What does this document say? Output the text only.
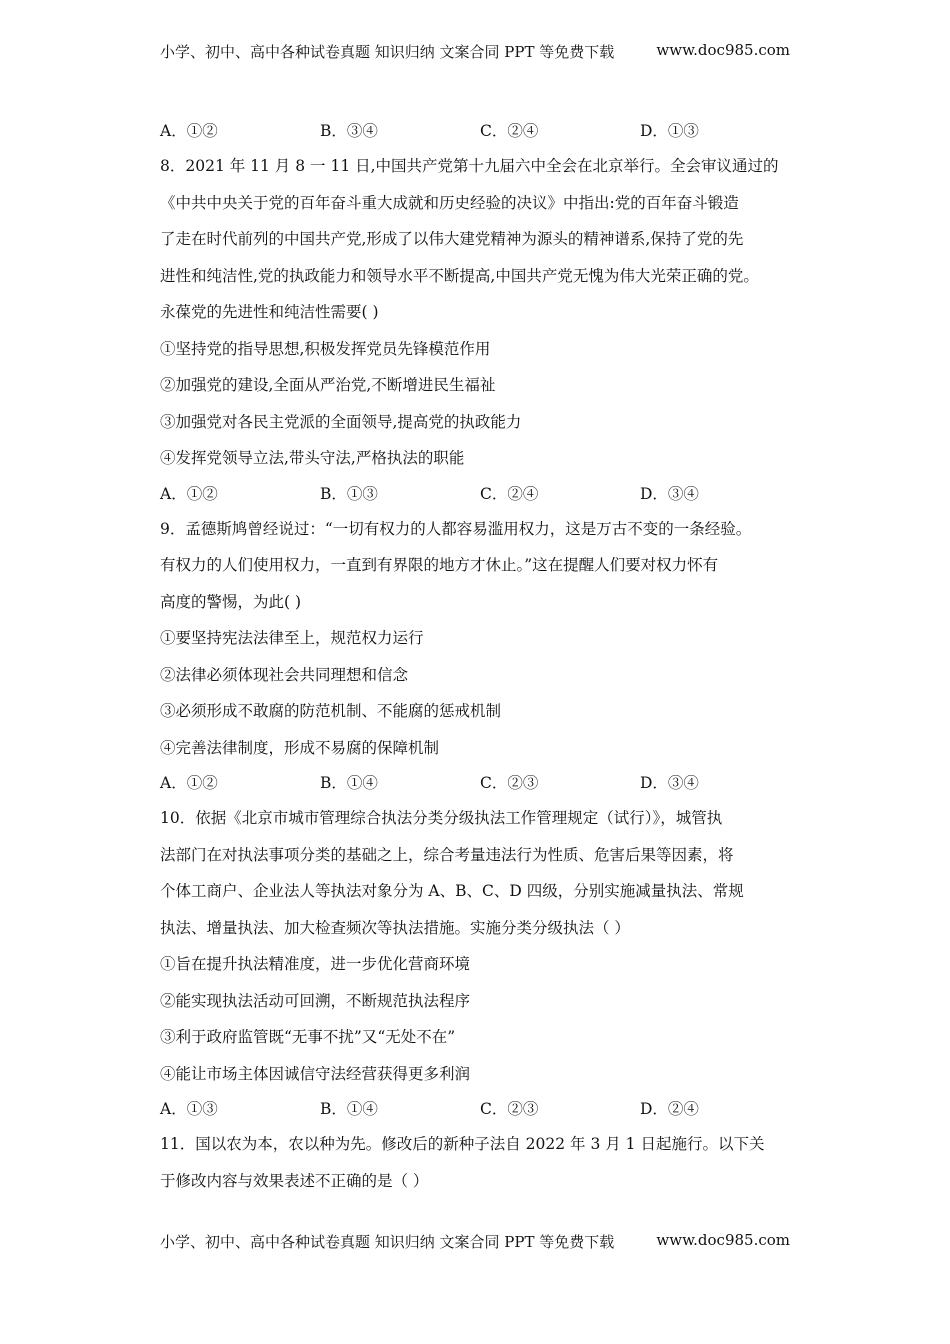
小学、初中、高中各种试卷真题 知识归纳 文案合同 PPT 等免费下载	www.doc985.com
A．①②	B．③④	C．②④	D．①③
8．2021 年 11 月 8 一 11 日,中国共产党第十九届六中全会在北京举行。全会审议通过的
《中共中央关于党的百年奋斗重大成就和历史经验的决议》中指出:党的百年奋斗锻造
了走在时代前列的中国共产党,形成了以伟大建党精神为源头的精神谱系,保持了党的先
进性和纯洁性,党的执政能力和领导水平不断提高,中国共产党无愧为伟大光荣正确的党。
永葆党的先进性和纯洁性需要( )
①坚持党的指导思想,积极发挥党员先锋模范作用
②加强党的建设,全面从严治党,不断增进民生福祉
③加强党对各民主党派的全面领导,提高党的执政能力
④发挥党领导立法,带头守法,严格执法的职能
A．①②	B．①③	C．②④	D．③④
9．孟德斯鸠曾经说过：“一切有权力的人都容易滥用权力，这是万古不变的一条经验。
有权力的人们使用权力，一直到有界限的地方才休止。”这在提醒人们要对权力怀有
高度的警惕，为此( )
①要坚持宪法法律至上，规范权力运行
②法律必须体现社会共同理想和信念
③必须形成不敢腐的防范机制、不能腐的惩戒机制
④完善法律制度，形成不易腐的保障机制
A．①②	B．①④	C．②③	D．③④
10．依据《北京市城市管理综合执法分类分级执法工作管理规定（试行）》，城管执
法部门在对执法事项分类的基础之上，综合考量违法行为性质、危害后果等因素，将
个体工商户、企业法人等执法对象分为 A、B、C、D 四级，分别实施减量执法、常规
执法、增量执法、加大检查频次等执法措施。实施分类分级执法（ ）
①旨在提升执法精准度，进一步优化营商环境
②能实现执法活动可回溯，不断规范执法程序
③利于政府监管既“无事不扰”又“无处不在”
④能让市场主体因诚信守法经营获得更多利润
A．①③	B．①④	C．②③	D．②④
11．国以农为本，农以种为先。修改后的新种子法自 2022 年 3 月 1 日起施行。以下关
于修改内容与效果表述不正确的是（ ）
小学、初中、高中各种试卷真题 知识归纳 文案合同 PPT 等免费下载	www.doc985.com
